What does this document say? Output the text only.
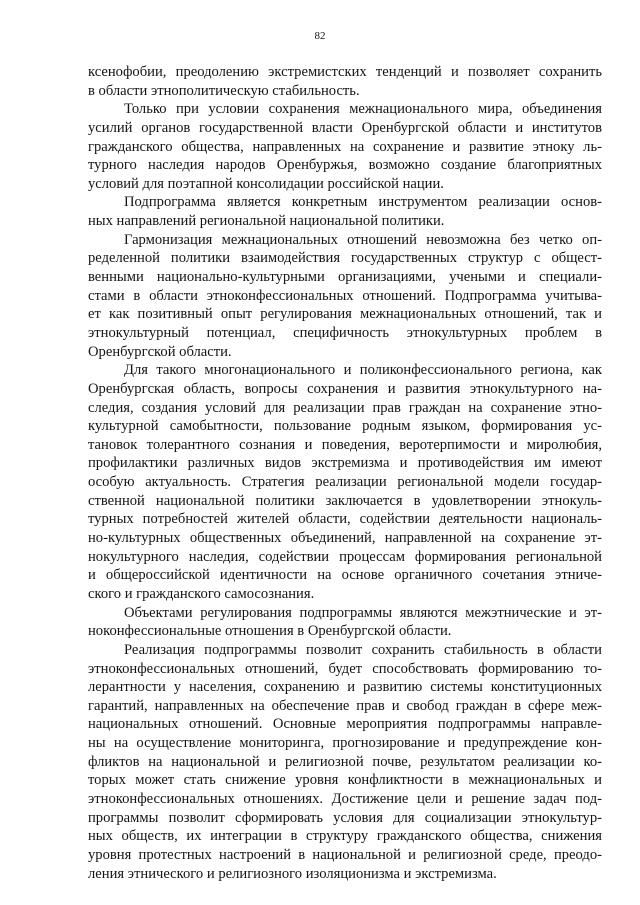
82
ксенофобии, преодолению экстремистских тенденций и позволяет сохранить
в области этнополитическую стабильность.
Только при условии сохранения межнационального мира, объединения
усилий органов государственной власти Оренбургской области и институтов
гражданского общества, направленных на сохранение и развитие этноку ль-
турного наследия народов Оренбуржья, возможно создание благоприятных
условий для поэтапной консолидации российской нации.
Подпрограмма является конкретным инструментом реализации основ-
ных направлений региональной национальной политики.
Гармонизация межнациональных отношений невозможна без четко оп-
ределенной политики взаимодействия государственных структур с общест-
венными национально-культурными организациями, учеными и специали-
стами в области этноконфессиональных отношений. Подпрограмма учитыва-
ет как позитивный опыт регулирования межнациональных отношений, так и
этнокультурный потенциал, специфичность этнокультурных проблем в
Оренбургской области.
Для такого многонационального и поликонфессионального региона, как
Оренбургская область, вопросы сохранения и развития этнокультурного на-
следия, создания условий для реализации прав граждан на сохранение этно-
культурной самобытности, пользование родным языком, формирования ус-
тановок толерантного сознания и поведения, веротерпимости и миролюбия,
профилактики различных видов экстремизма и противодействия им имеют
особую актуальность. Стратегия реализации региональной модели государ-
ственной национальной политики заключается в удовлетворении этнокуль-
турных потребностей жителей области, содействии деятельности националь-
но-культурных общественных объединений, направленной на сохранение эт-
нокультурного наследия, содействии процессам формирования региональной
и общероссийской идентичности на основе органичного сочетания этниче-
ского и гражданского самосознания.
Объектами регулирования подпрограммы являются межэтнические и эт-
ноконфессиональные отношения в Оренбургской области.
Реализация подпрограммы позволит сохранить стабильность в области
этноконфессиональных отношений, будет способствовать формированию то-
лерантности у населения, сохранению и развитию системы конституционных
гарантий, направленных на обеспечение прав и свобод граждан в сфере меж-
национальных отношений. Основные мероприятия подпрограммы направле-
ны на осуществление мониторинга, прогнозирование и предупреждение кон-
фликтов на национальной и религиозной почве, результатом реализации ко-
торых может стать снижение уровня конфликтности в межнациональных и
этноконфессиональных отношениях. Достижение цели и решение задач под-
программы позволит сформировать условия для социализации этнокультур-
ных обществ, их интеграции в структуру гражданского общества, снижения
уровня протестных настроений в национальной и религиозной среде, преодо-
ления этнического и религиозного изоляционизма и экстремизма.
